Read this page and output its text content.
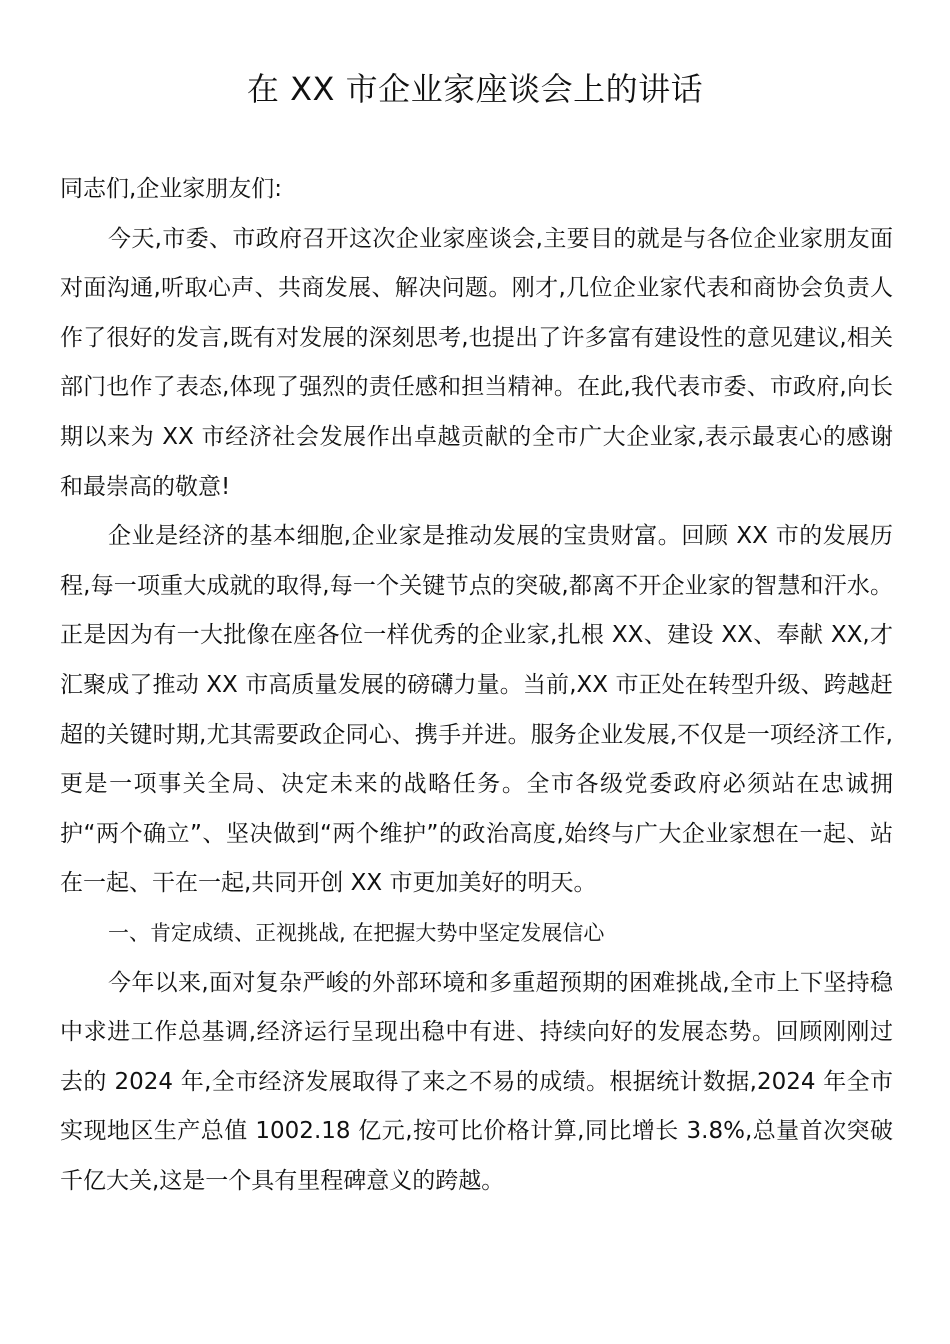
在 XX 市企业家座谈会上的讲话

同志们,企业家朋友们:

今天,市委、市政府召开这次企业家座谈会,主要目的就是与各位企业家朋友面对面沟通,听取心声、共商发展、解决问题。刚才,几位企业家代表和商协会负责人作了很好的发言,既有对发展的深刻思考,也提出了许多富有建设性的意见建议,相关部门也作了表态,体现了强烈的责任感和担当精神。在此,我代表市委、市政府,向长期以来为 XX 市经济社会发展作出卓越贡献的全市广大企业家,表示最衷心的感谢和最崇高的敬意!

企业是经济的基本细胞,企业家是推动发展的宝贵财富。回顾 XX 市的发展历程,每一项重大成就的取得,每一个关键节点的突破,都离不开企业家的智慧和汗水。正是因为有一大批像在座各位一样优秀的企业家,扎根 XX、建设 XX、奉献 XX,才汇聚成了推动 XX 市高质量发展的磅礴力量。当前,XX 市正处在转型升级、跨越赶超的关键时期,尤其需要政企同心、携手并进。服务企业发展,不仅是一项经济工作,更是一项事关全局、决定未来的战略任务。全市各级党委政府必须站在忠诚拥护“两个确立”、坚决做到“两个维护”的政治高度,始终与广大企业家想在一起、站在一起、干在一起,共同开创 XX 市更加美好的明天。

一、肯定成绩、正视挑战, 在把握大势中坚定发展信心

今年以来,面对复杂严峻的外部环境和多重超预期的困难挑战,全市上下坚持稳中求进工作总基调,经济运行呈现出稳中有进、持续向好的发展态势。回顾刚刚过去的 2024 年,全市经济发展取得了来之不易的成绩。根据统计数据,2024 年全市实现地区生产总值 1002.18 亿元,按可比价格计算,同比增长 3.8%,总量首次突破千亿大关,这是一个具有里程碑意义的跨越。
